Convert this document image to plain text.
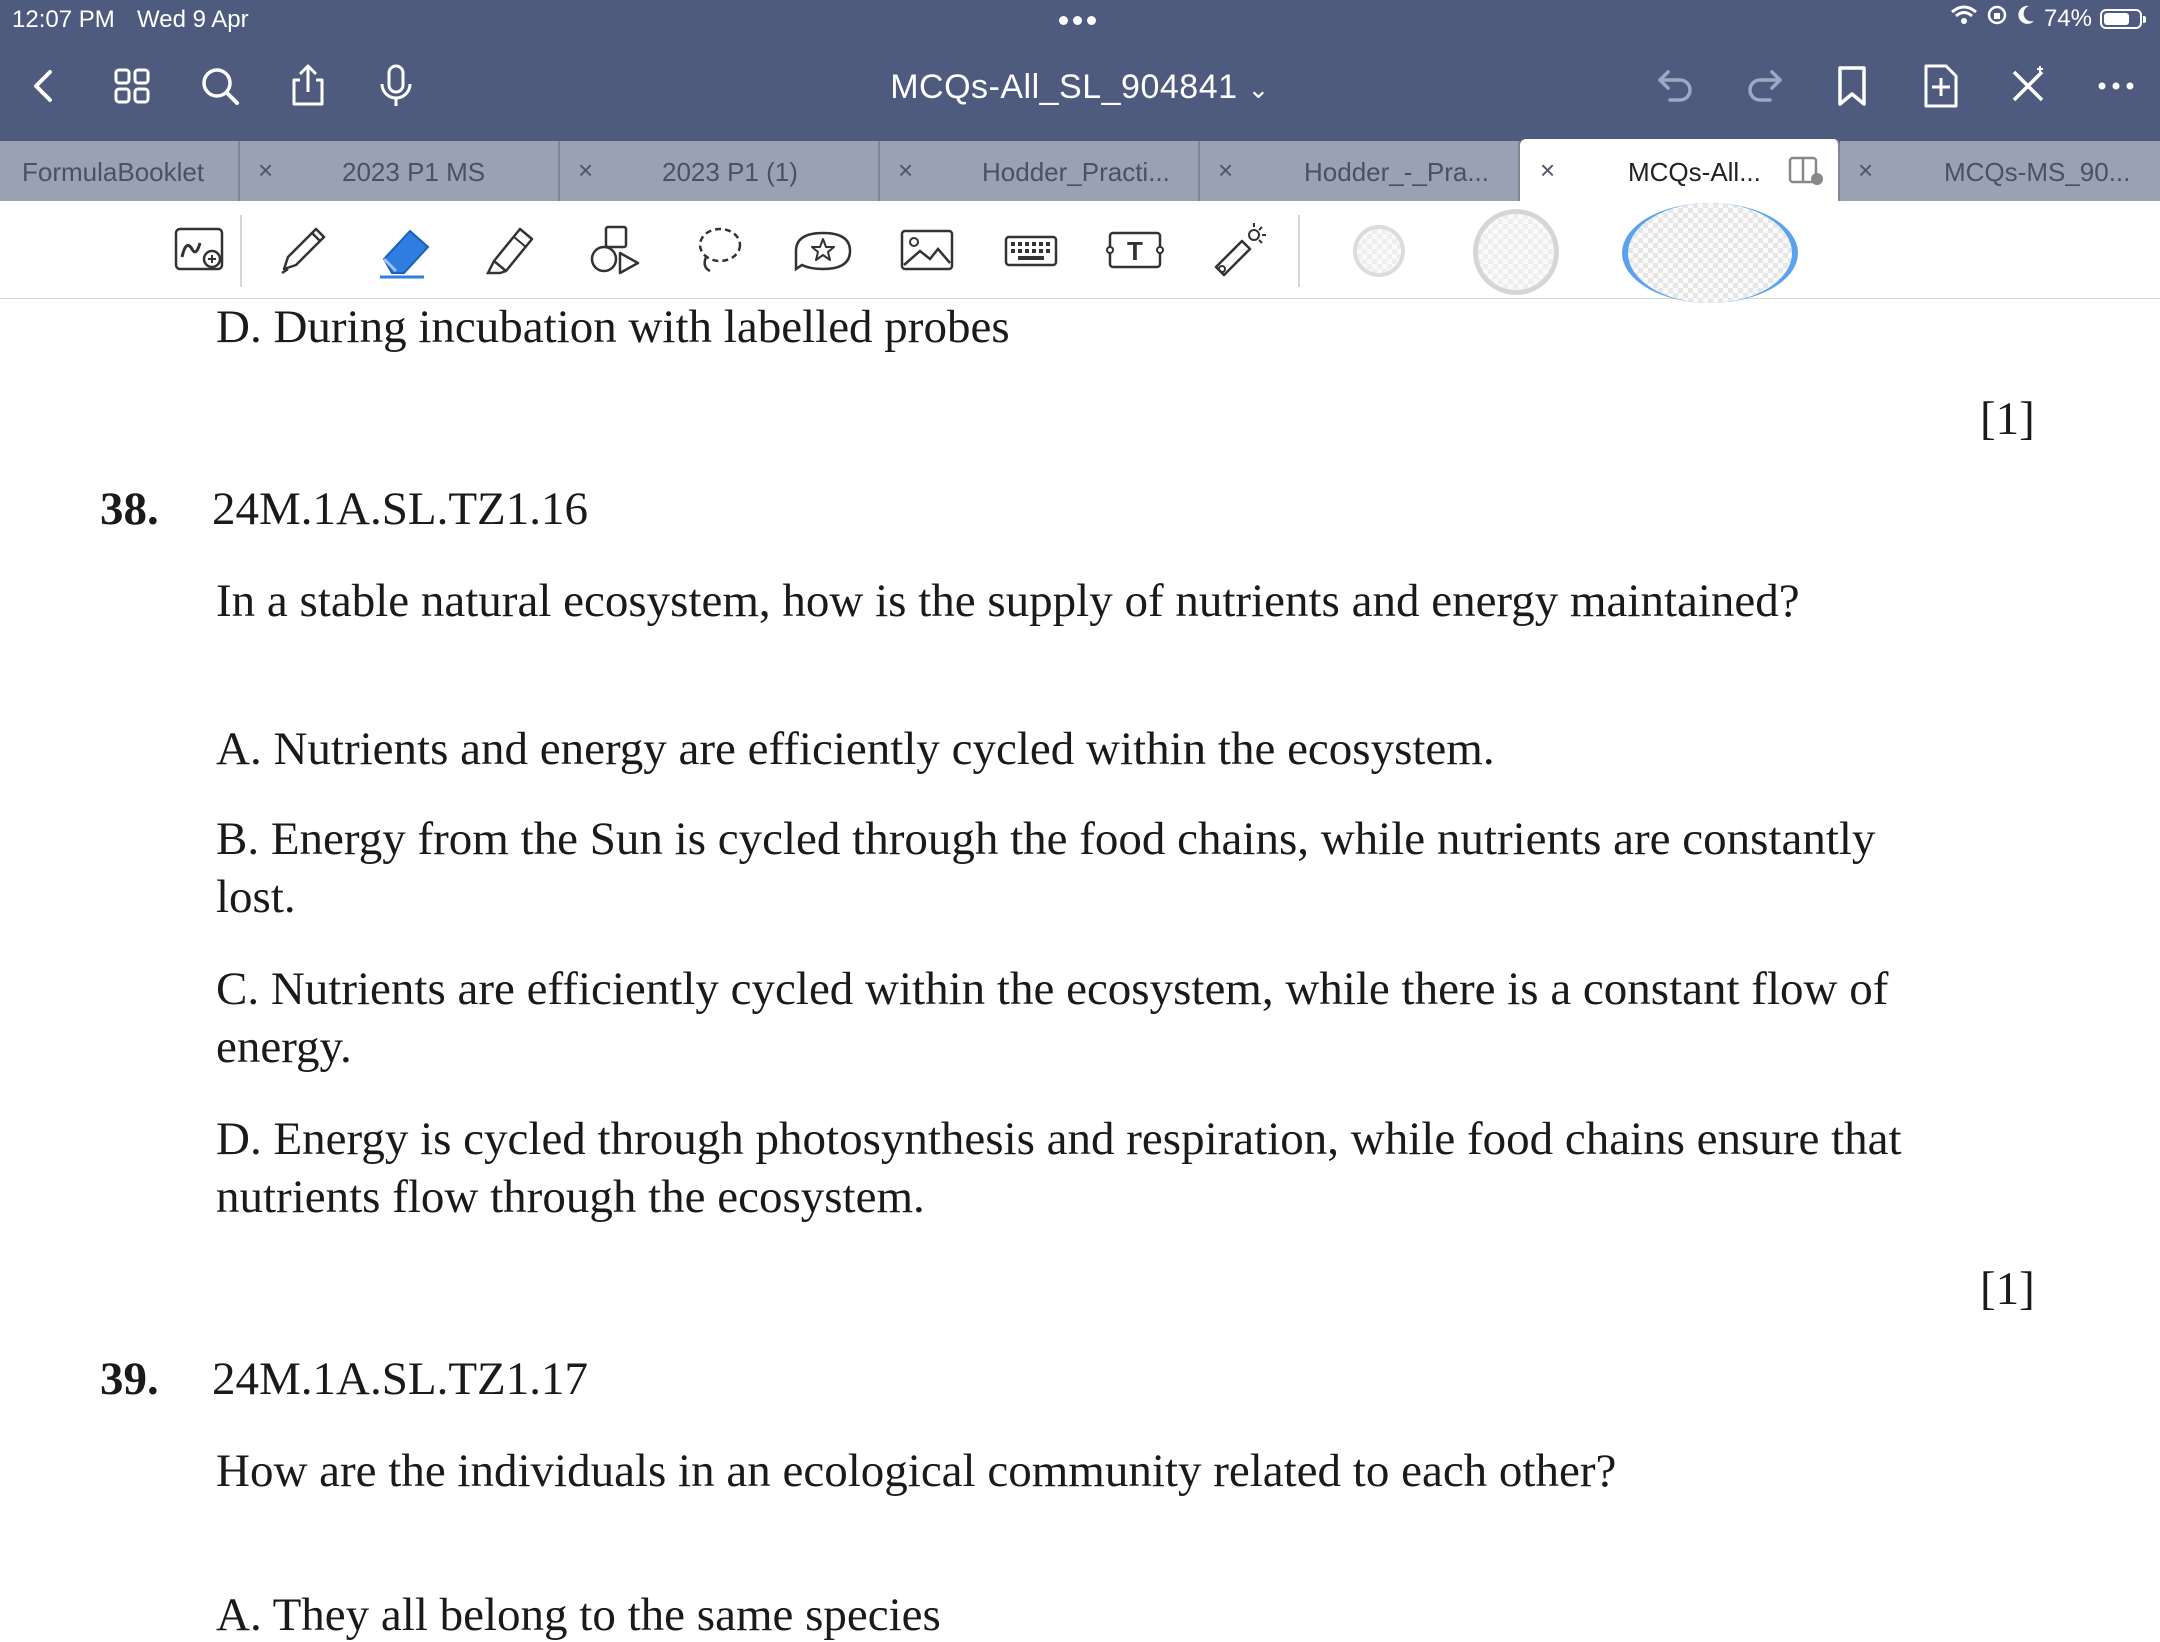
12:07 PM Wed 9 Apr	74%
MCQs-All_SL_904841 ⌄
FormulaBooklet ×	2023 P1 MS	×	2023 P1 (1)	×	Hodder_Practi... ×	Hodder_-_Pra... ×	MCQs-All...	×	MCQs-MS_90...
T
D. During incubation with labelled probes
[1]
38. 24M.1A.SL.TZ1.16
In a stable natural ecosystem, how is the supply of nutrients and energy maintained?
A. Nutrients and energy are efficiently cycled within the ecosystem.
B. Energy from the Sun is cycled through the food chains, while nutrients are constantly
lost.
C. Nutrients are efficiently cycled within the ecosystem, while there is a constant flow of
energy.
D. Energy is cycled through photosynthesis and respiration, while food chains ensure that
nutrients flow through the ecosystem.
[1]
39. 24M.1A.SL.TZ1.17
How are the individuals in an ecological community related to each other?
A. They all belong to the same species
